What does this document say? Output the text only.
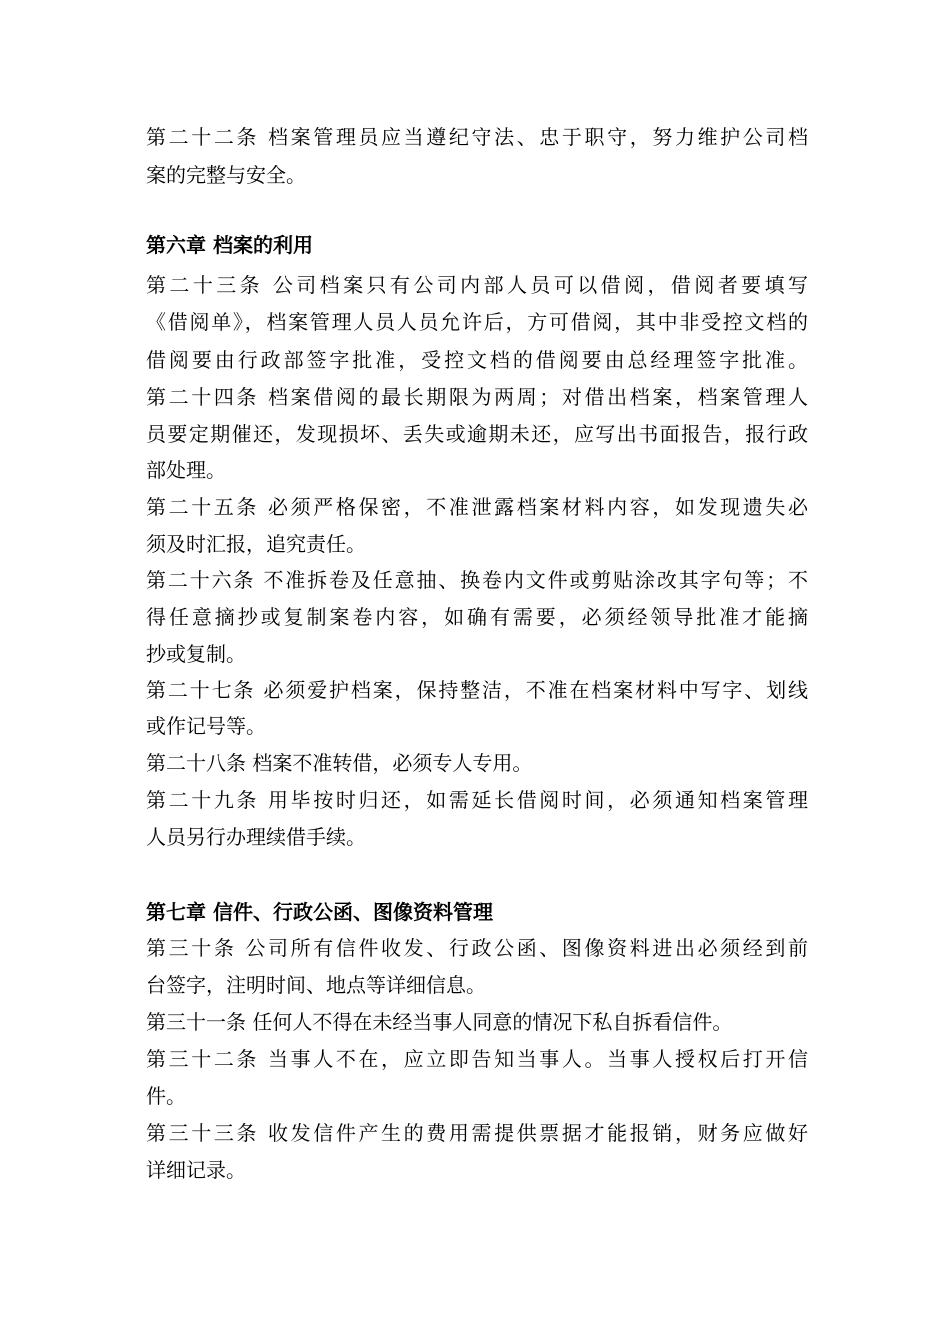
第二十二条 档案管理员应当遵纪守法、忠于职守，努力维护公司档
案的完整与安全。
第六章 档案的利用
第二十三条 公司档案只有公司内部人员可以借阅，借阅者要填写
《借阅单》，档案管理人员人员允许后，方可借阅，其中非受控文档的
借阅要由行政部签字批准，受控文档的借阅要由总经理签字批准。
第二十四条 档案借阅的最长期限为两周；对借出档案，档案管理人
员要定期催还，发现损坏、丢失或逾期未还，应写出书面报告，报行政
部处理。
第二十五条 必须严格保密，不准泄露档案材料内容，如发现遗失必
须及时汇报，追究责任。
第二十六条 不准拆卷及任意抽、换卷内文件或剪贴涂改其字句等；不
得任意摘抄或复制案卷内容，如确有需要，必须经领导批准才能摘
抄或复制。
第二十七条 必须爱护档案，保持整洁，不准在档案材料中写字、划线
或作记号等。
第二十八条 档案不准转借，必须专人专用。
第二十九条 用毕按时归还，如需延长借阅时间，必须通知档案管理
人员另行办理续借手续。
第七章 信件、行政公函、图像资料管理
第三十条 公司所有信件收发、行政公函、图像资料进出必须经到前
台签字，注明时间、地点等详细信息。
第三十一条 任何人不得在未经当事人同意的情况下私自拆看信件。
第三十二条 当事人不在，应立即告知当事人。当事人授权后打开信
件。
第三十三条 收发信件产生的费用需提供票据才能报销，财务应做好
详细记录。
